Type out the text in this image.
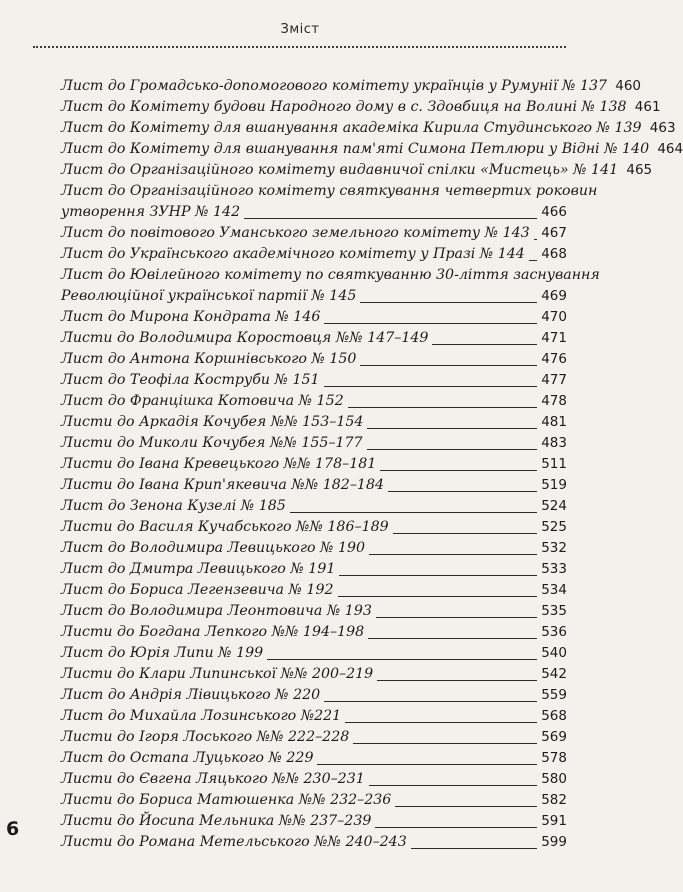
Зміст
Лист до Громадсько-допомогового комітету українців у Румунії № 137 460
Лист до Комітету будови Народного дому в с. Здовбиця на Волині № 138 461
Лист до Комітету для вшанування академіка Кирила Студинського № 139 463
Лист до Комітету для вшанування пам'яті Симона Петлюри у Відні № 140 464
Лист до Організаційного комітету видавничої спілки «Мистець» № 141 465
Лист до Організаційного комітету святкування четвертих роковин
утворення ЗУНР № 142	466
Лист до повітового Уманського земельного комітету № 143 467
Лист до Українського академічного комітету у Празі № 144	468
Лист до Ювілейного комітету по святкуванню 30-ліття заснування
Революційної української партії № 145	469
Лист до Мирона Кондрата № 146	470
Листи до Володимира Коростовця №№ 147–149	471
Лист до Антона Коршнівського № 150	476
Лист до Теофіла Коструби № 151	477
Лист до Францішка Котовича № 152	478
Листи до Аркадія Кочубея №№ 153–154	481
Листи до Миколи Кочубея №№ 155–177	483
Листи до Івана Кревецького №№ 178–181	511
Листи до Івана Крип'якевича №№ 182–184	519
Лист до Зенона Кузелі № 185	524
Листи до Василя Кучабського №№ 186–189	525
Лист до Володимира Левицького № 190	532
Лист до Дмитра Левицького № 191	533
Лист до Бориса Легензевича № 192	534
Лист до Володимира Леонтовича № 193	535
Листи до Богдана Лепкого №№ 194–198	536
Лист до Юрія Липи № 199	540
Листи до Клари Липинської №№ 200–219	542
Лист до Андрія Лівицького № 220	559
Лист до Михайла Лозинського №221	568
Листи до Ігоря Лоського №№ 222–228	569
Лист до Остапа Луцького № 229	578
Листи до Євгена Ляцького №№ 230–231	580
Листи до Бориса Матюшенка №№ 232–236	582
Листи до Йосипа Мельника №№ 237–239	591
Листи до Романа Метельського №№ 240–243	599
6
